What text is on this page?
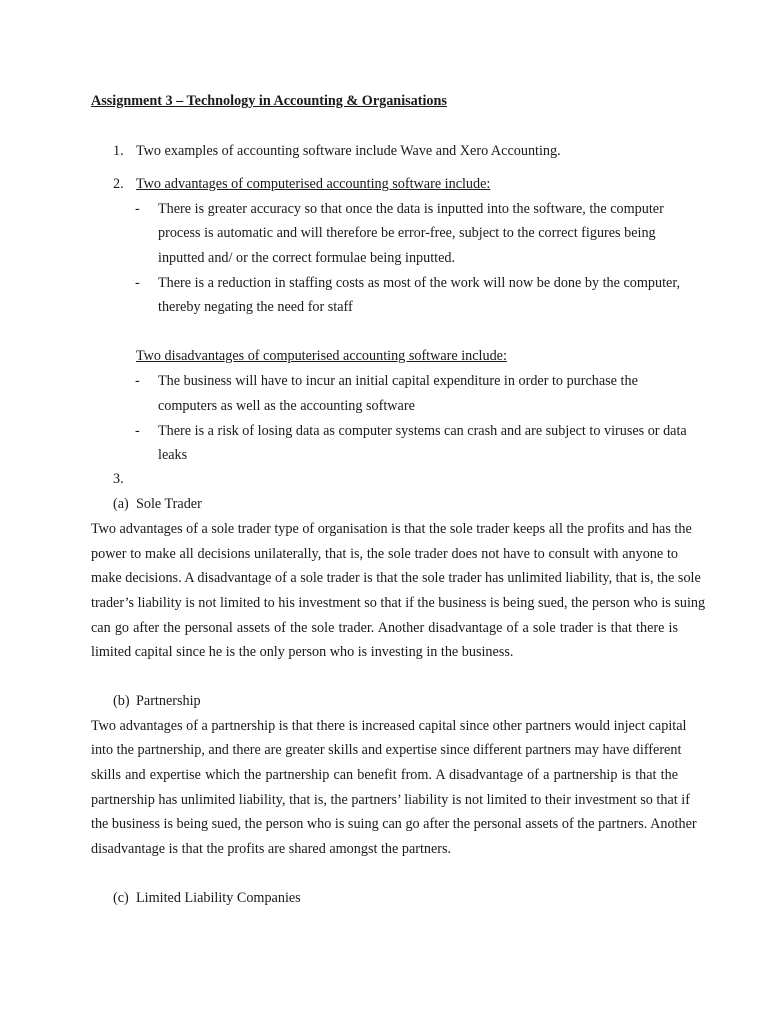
Assignment 3 – Technology in Accounting & Organisations
1. Two examples of accounting software include Wave and Xero Accounting.
2. Two advantages of computerised accounting software include:
- There is greater accuracy so that once the data is inputted into the software, the computer
process is automatic and will therefore be error-free, subject to the correct figures being
inputted and/ or the correct formulae being inputted.
- There is a reduction in staffing costs as most of the work will now be done by the computer,
thereby negating the need for staff
Two disadvantages of computerised accounting software include:
- The business will have to incur an initial capital expenditure in order to purchase the
computers as well as the accounting software
- There is a risk of losing data as computer systems can crash and are subject to viruses or data
leaks
3.
(a) Sole Trader
Two advantages of a sole trader type of organisation is that the sole trader keeps all the profits and has the
power to make all decisions unilaterally, that is, the sole trader does not have to consult with anyone to
make decisions. A disadvantage of a sole trader is that the sole trader has unlimited liability, that is, the sole
trader’s liability is not limited to his investment so that if the business is being sued, the person who is suing
can go after the personal assets of the sole trader. Another disadvantage of a sole trader is that there is
limited capital since he is the only person who is investing in the business.
(b) Partnership
Two advantages of a partnership is that there is increased capital since other partners would inject capital
into the partnership, and there are greater skills and expertise since different partners may have different
skills and expertise which the partnership can benefit from. A disadvantage of a partnership is that the
partnership has unlimited liability, that is, the partners’ liability is not limited to their investment so that if
the business is being sued, the person who is suing can go after the personal assets of the partners. Another
disadvantage is that the profits are shared amongst the partners.
(c) Limited Liability Companies
